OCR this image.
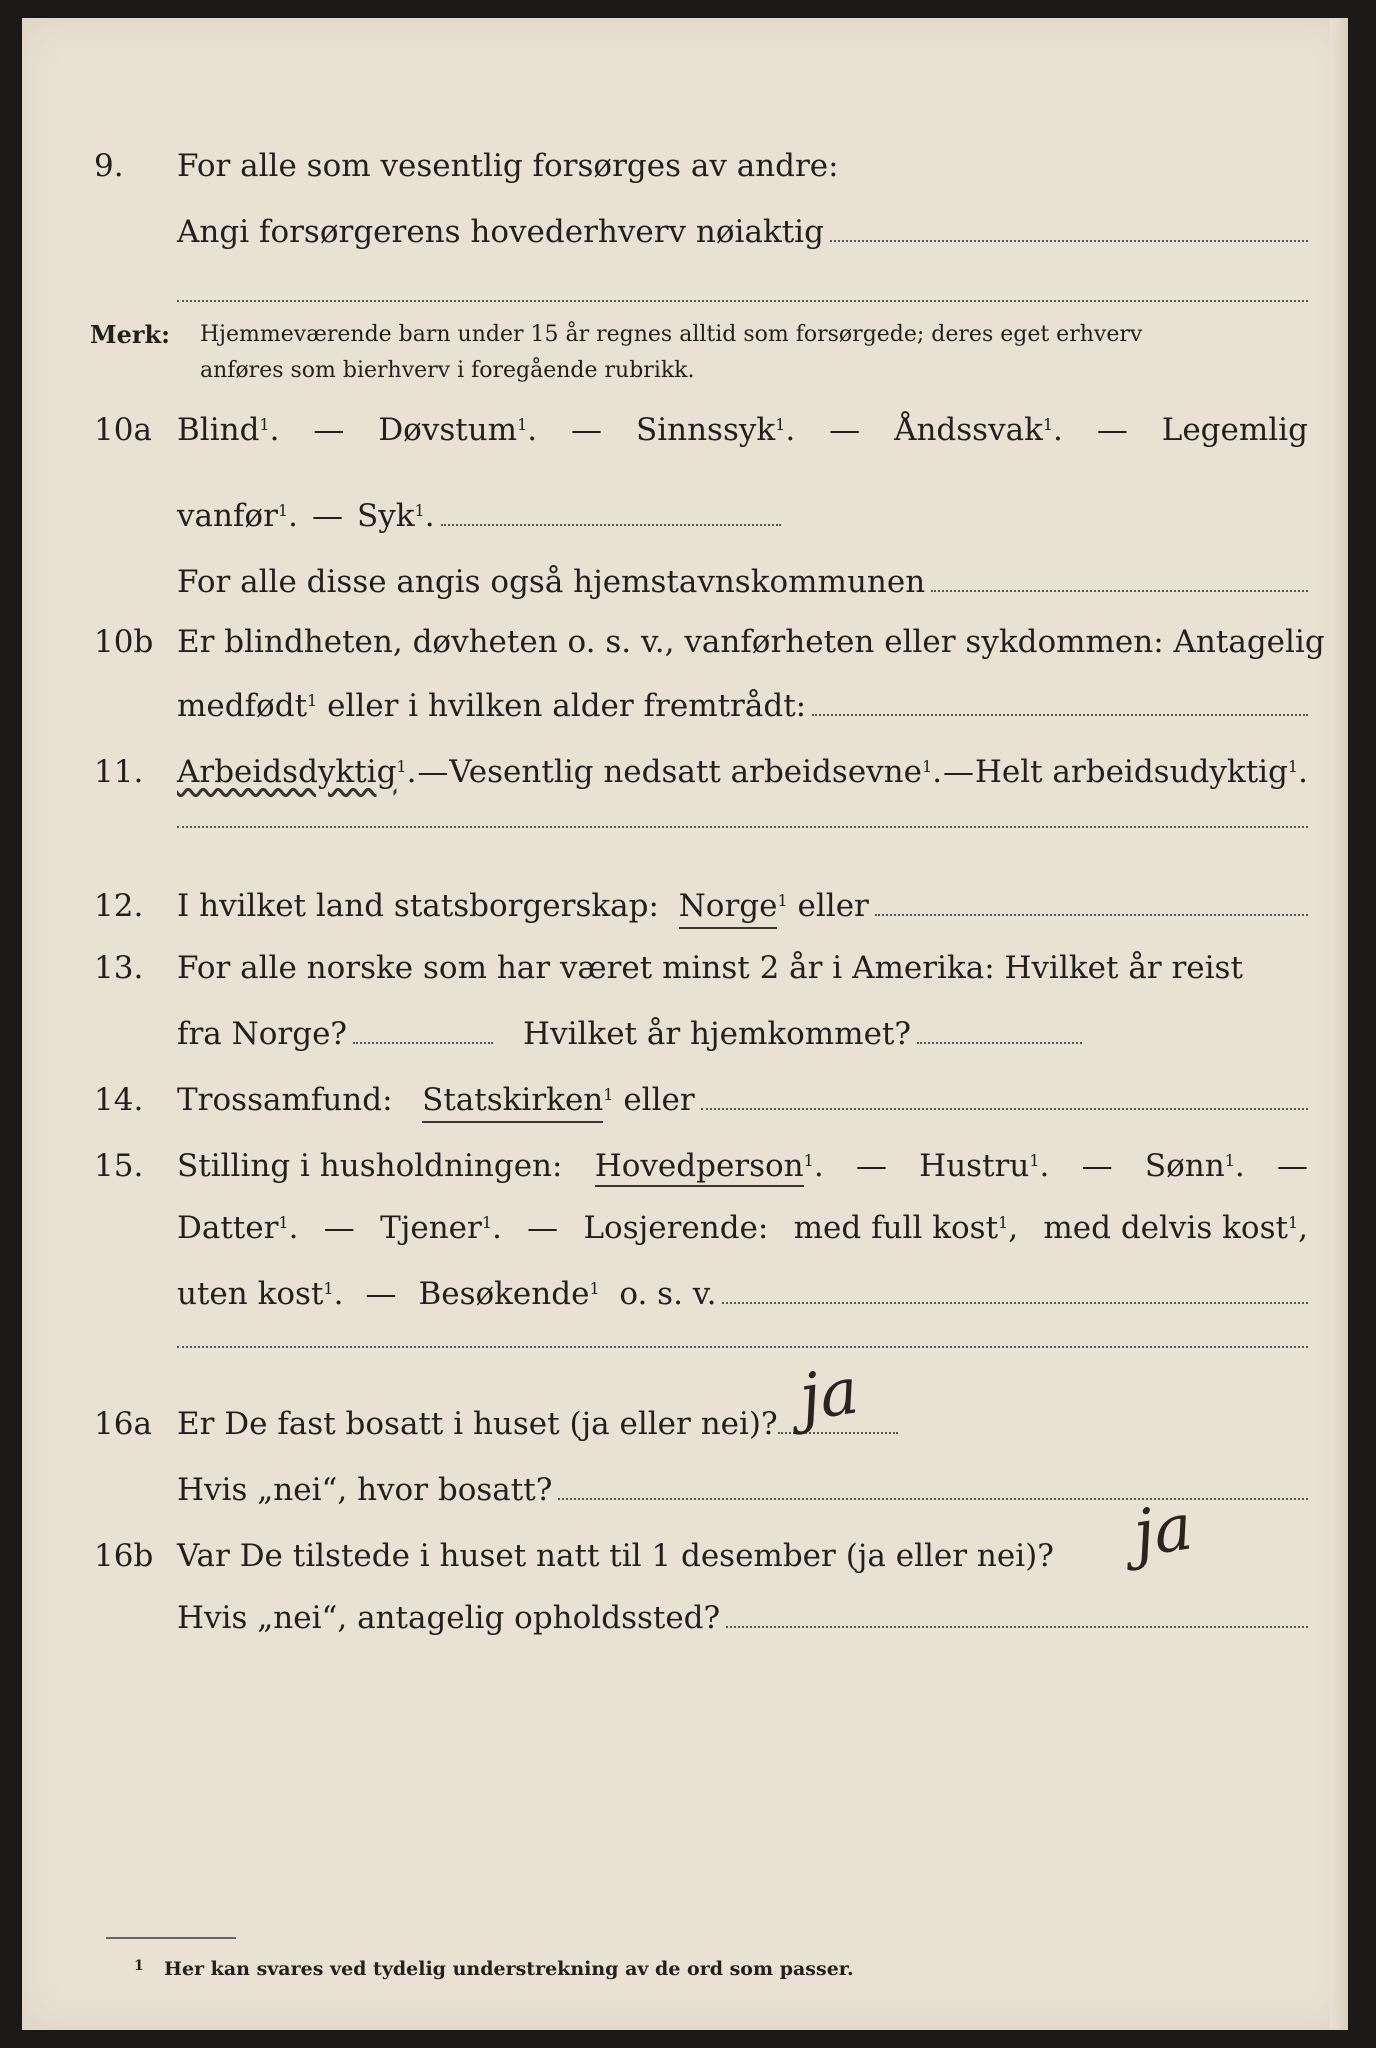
9.	For alle som vesentlig forsørges av andre:
Angi forsørgerens hovederhverv nøiaktig
Merk: Hjemmeværende barn under 15 år regnes alltid som forsørgede; deres eget erhverv
anføres som bierhverv i foregående rubrikk.
10a Blind$^1$. — Døvstum$^1$. — Sinnssyk$^1$. — Åndssvak$^1$. — Legemlig
vanfør$^1$ . — Syk$^1$ .
For alle disse angis også hjemstavnskommunen
10b Er blindheten, døvheten o. s. v., vanførheten eller sykdommen: Antagelig
medfødt$^1$
eller i hvilken alder fremtrådt:
11.	Arbeidsdyktig$^1$. — Vesentlig nedsatt arbeidsevne$^1$. — Helt arbeidsudyktig$^1$.
12.	I hvilket land statsborgerskap:
Norge$^1$
eller
13.	For alle norske som har været minst 2 år i Amerika: Hvilket år reist
fra Norge?	Hvilket år hjemkommet?
14.	Trossamfund:
Statskirken$^1$
eller
15.	Stilling i husholdningen: Hovedperson$^1$. — Hustru$^1$. — Sønn$^1$. —
Datter$^1$. — Tjener$^1$. — Losjerende: med full kost$^1$, med delvis kost$^1$,
uten kost$^1$ . — Besøkende$^1$
o. s. v.
16a Er De fast bosatt i huset (ja eller nei)? ja
Hvis „nei“, hvor bosatt?
16b Var De tilstede i huset natt til 1 desember (ja eller nei)? ja
Hvis „nei“, antagelig opholdssted?
1 Her kan svares ved tydelig understrekning av de ord som passer.
